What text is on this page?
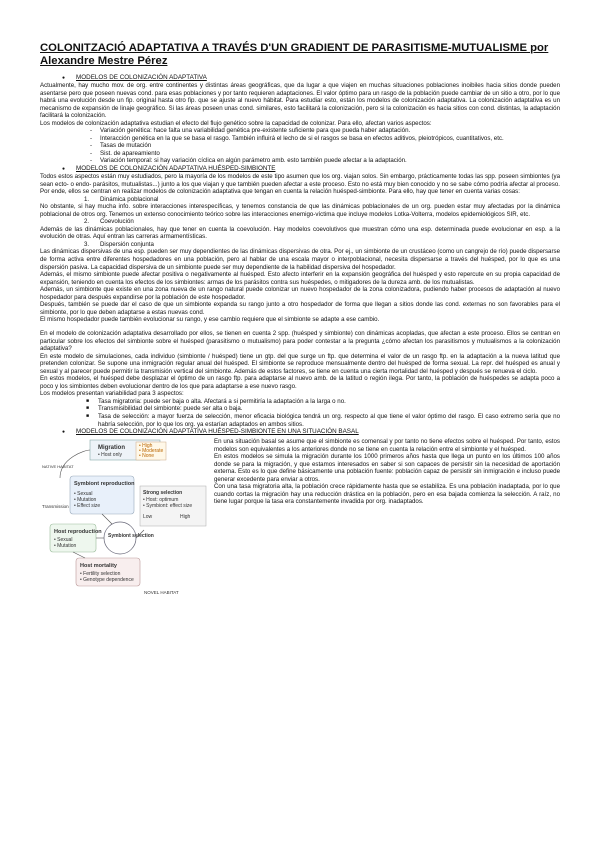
COLONITZACIÓ ADAPTATIVA A TRAVÉS D'UN GRADIENT DE PARASITISME-MUTUALISME por
Alexandre Mestre Pérez

● MODELOS DE COLONIZACIÓN ADAPTATIVA

Actualmente, hay mucho mov. de org. entre continentes y distintas áreas geográficas, que da lugar a que viajen en muchas situaciones poblaciones inoibiles hacia sitios donde pueden asentarse pero que poseen nuevas cond. para esas poblaciones y por tanto requieren adaptaciones. El valor óptimo para un rasgo de la población puede cambiar de un sitio a otro, por lo que habrá una evolución desde un fip. original hasta otro fip. que se ajuste al nuevo hábitat. Para estudiar esto, están los modelos de colonización adaptativa. La colonización adaptativa es un mecanismo de expansión de linaje geográfico. Si las áreas poseen unas cond. similares, esto facilitará la colonización, pero si la colonización es hacia sitios con cond. distintas, la adaptación facilitará la colonización.

Los modelos de colonización adaptativa estudian el efecto del flujo genético sobre la capacidad de colonizar. Para ello, afectan varios aspectos:

- Variación genética: hace falta una variabilidad genética pre-existente suficiente para que pueda haber adaptación.

- Interacción genética en la que se basa el rasgo. También influirá el lecho de si el rasgos se basa en efectos aditivos, pleiotrópicos, cuantitativos, etc.

- Tasas de mutación

- Sist. de apareamiento

- Variación temporal: si hay variación cíclica en algún parámetro amb. esto también puede afectar a la adaptación.

● MODELOS DE COLONIZACIÓN ADAPTATIVA HUÉSPED-SIMBIONTE

Todos estos aspectos están muy estudiados, pero la mayoría de los modelos de este tipo asumen que los org. viajan solos. Sin embargo, prácticamente todas las spp. poseen simbiontes (ya sean ecto- o endo- parásitos, mutualistas...) junto a los que viajan y que también pueden afectar a este proceso. Esto no está muy bien conocido y no se sabe cómo podría afectar al proceso. Por ende, ellos se centran en realizar modelos de colonización adaptativa que tengan en cuenta la relación huésped-simbionte. Para ello, hay que tener en cuenta varias cosas:

1. Dinámica poblacional

No obstante, si hay mucha info. sobre interacciones interespecíficas, y tenemos constancia de que las dinámicas poblacionales de un org. pueden estar muy afectadas por la dinámica poblacional de otros org. Tenemos un extenso conocimiento teórico sobre las interacciones enemigo-víctima que incluye modelos Lotka-Volterra, modelos epidemiológicos SIR, etc.

2. Coevolución

Además de las dinámicas poblacionales, hay que tener en cuenta la coevolución. Hay modelos coevolutivos que muestran cómo una esp. determinada puede evolucionar en esp. a la evolución de otras. Aquí entran las carreras armamentísticas.

3. Dispersión conjunta

Las dinámicas dispersivas de una esp. pueden ser muy dependientes de las dinámicas dispersivas de otra. Por ej., un simbionte de un crustáceo (como un cangrejo de río) puede dispersarse de forma activa entre diferentes hospedadores en una población, pero al hablar de una escala mayor o interpoblacional, necesita dispersarse a través del huésped, por lo que es una dispersión pasiva. La capacidad dispersiva de un simbionte puede ser muy dependiente de la habilidad dispersiva del hospedador.

Además, el mismo simbionte puede afectar positiva o negativamente al huésped. Esto afecto interferir en la expansión geográfica del huésped y esto repercute en su propia capacidad de expansión, teniendo en cuenta los efectos de los simbiontes: armas de los parásitos contra sus huéspedes, o mitigadores de la dureza amb. de los mutualistas.

Además, un simbionte que existe en una zona nueva de un rango natural puede colonizar un nuevo hospedador de la zona colonizadora, pudiendo haber procesos de adaptación al nuevo hospedador para después expandirse por la población de este hospedador.

Después, también se puede dar el caso de que un simbionte expanda su rango junto a otro hospedador de forma que llegan a sitios donde las cond. externas no son favorables para el simbionte, por lo que deben adaptarse a estas nuevas cond.

El mismo hospedador puede también evolucionar su rango, y ese cambio requiere que el simbionte se adapte a ese cambio.

En el modelo de colonización adaptativa desarrollado por ellos, se tienen en cuenta 2 spp. (huésped y simbionte) con dinámicas acopladas, que afectan a este proceso. Ellos se centran en particular sobre los efectos del simbionte sobre el huésped (parasitismo o mutualismo) para poder contestar a la pregunta ¿cómo afectan los parasitismos y mutualismos a la colonización adaptativa?

En este modelo de simulaciones, cada individuo (simbionte / huésped) tiene un gtp. del que surge un ftp. que determina el valor de un rasgo ftp. en la adaptación a la nueva latitud que pretenden colonizar. Se supone una inmigración regular anual del huésped. El simbionte se reproduce mensualmente dentro del huésped de forma sexual. La repr. del huésped es anual y sexual y al parecer puede permitir la transmisión vertical del simbionte. Además de estos factores, se tiene en cuenta una cierta mortalidad del huésped y después se renueva el ciclo.

En estos modelos, el huésped debe desplazar el óptimo de un rasgo ftp. para adaptarse al nuevo amb. de la latitud o región ilega. Por tanto, la población de huéspedes se adapta poco a poco y los simbiontes deben evolucionar dentro de los que para adaptarse a ese nuevo rasgo.

Los modelos presentan variabilidad para 3 aspectos:

■ Tasa migratoria: puede ser baja o alta. Afectará a si permitiría la adaptación a la larga o no.

■ Transmisibilidad del simbionte: puede ser alta o baja.

■ Tasa de selección: a mayor fuerza de selección, menor eficacia biológica tendrá un org. respecto al que tiene el valor óptimo del rasgo. El caso extremo sería que no habría selección, por lo que los org. ya estarían adaptados en ambos sitios.

● MODELOS DE COLONIZACIÓN ADAPTATIVA HUÉSPED-SIMBIONTE EN UNA SITUACIÓN BASAL

Migration
• Host only
• High
• Moderate
• None
NATIVE HABITAT
Symbiont reproduction
• Sexual
• Mutation
• Effect size
Strong selection
• Host: optimum
• Symbiont: effect size
Low	High
Transmission
Host reproduction
• Sexual
• Mutation
Symbiont selection
Host mortality
• Fertility selection
• Genotype dependence
NOVEL HABITAT

En una situación basal se asume que el simbionte es comensal y por tanto no tiene efectos sobre el huésped. Por tanto, estos modelos son equivalentes a los anteriores donde no se tiene en cuenta la relación entre el simbionte y el huésped.

En estos modelos se simula la migración durante los 1000 primeros años hasta que llega un punto en los últimos 100 años donde se para la migración, y que estamos interesados en saber si son capaces de persistir sin la necesidad de aportación externa. Esto es lo que define básicamente una población fuente: población capaz de persistir sin inmigración e incluso puede generar excedente para enviar a otros.

Con una tasa migratoria alta, la población crece rápidamente hasta que se estabiliza. Es una población inadaptada, por lo que cuando cortas la migración hay una reducción drástica en la población, pero en esa bajada comienza la selección. A raíz, no tiene lugar porque la tasa era constantemente invadida por org. inadaptados.
